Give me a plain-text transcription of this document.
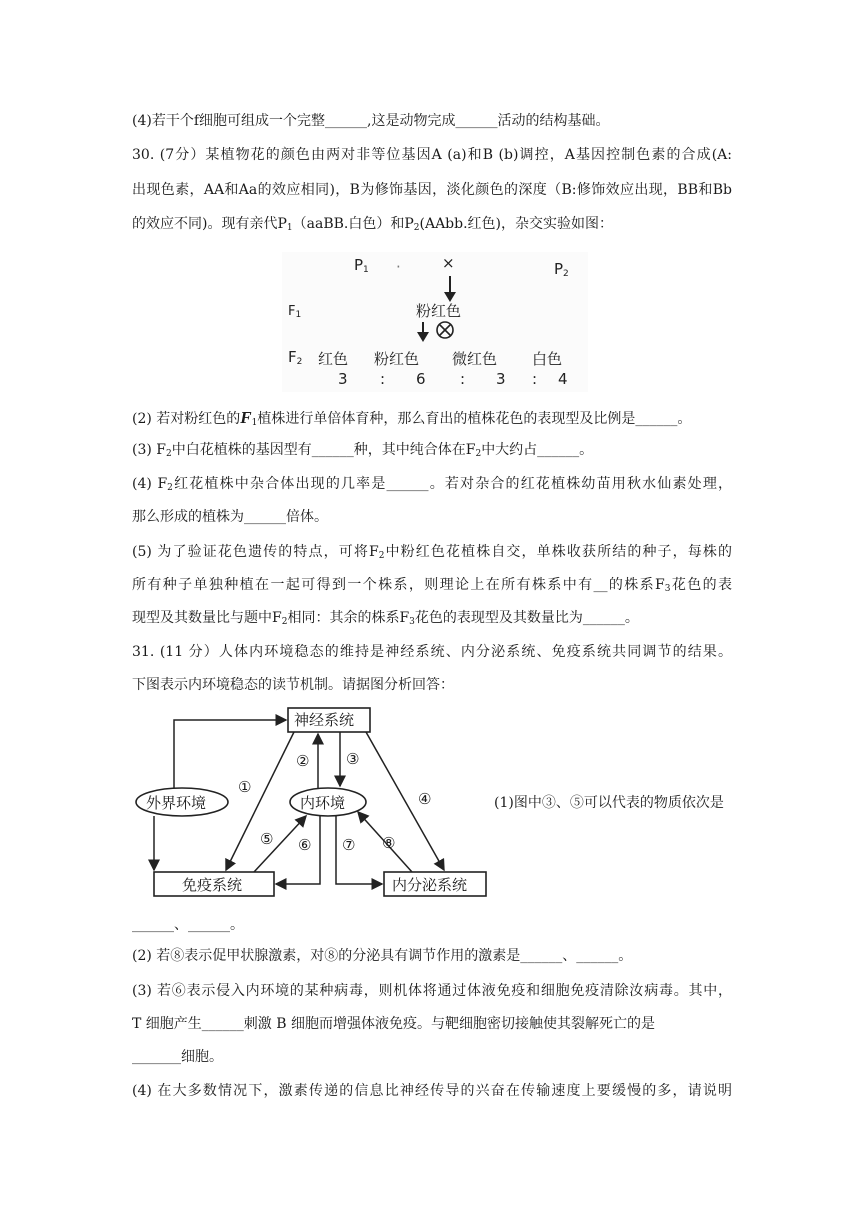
(4)若干个f细胞可组成一个完整______,这是动物完成______活动的结构基础。
30. (7分）某植物花的颜色由两对非等位基因A (a)和B (b)调控，A基因控制色素的合成(A:
出现色素，AA和Aa的效应相同)，B为修饰基因，淡化颜色的深度（B:修饰效应出现，BB和Bb
的效应不同)。现有亲代$P_1(aaBB$.白色）和$P_2(AAbb$.红色)，杂交实验如图：
$P_1$ ·	×	$P_2$
$F_1$	粉红色
$F_2$ 红色 粉红色 微红色 白色
3 : 6 : 3 : 4
(2) 若对粉红色的$F_1$植株进行单倍体育种，那么育出的植株花色的表现型及比例是______。
(3) $F_2$中白花植株的基因型有______种，其中纯合体在$F_2$中大约占______。
(4) $F_2$红花植株中杂合体出现的几率是______。若对杂合的红花植株幼苗用秋水仙素处理，
那么形成的植株为______倍体。
(5) 为了验证花色遗传的特点，可将$F_2$中粉红色花植株自交，单株收获所结的种子，每株的
所有种子单独种植在一起可得到一个株系，则理论上在所有株系中有__的株系$F_3$花色的表
现型及其数量比与题中$F_2$相同：其余的株系$F_3$花色的表现型及其数量比为______。
31. (11 分）人体内环境稳态的维持是神经系统、内分泌系统、免疫系统共同调节的结果。
下图表示内环境稳态的读节机制。请据图分析回答：
神经系统
外界环境	内环境
免疫系统	内分泌系统
①
② ③
④
⑤ ⑥ ⑦ ⑧
(1)图中③、⑤可以代表的物质依次是
______、______。
(2) 若⑧表示促甲状腺激素，对⑧的分泌具有调节作用的激素是______、______。
(3) 若⑥表示侵入内环境的某种病毒，则机体将通过体液免疫和细胞免疫清除汝病毒。其中，
T 细胞产生______刺激 B 细胞而增强体液免疫。与靶细胞密切接触使其裂解死亡的是
_______细胞。
(4) 在大多数情况下，激素传递的信息比神经传导的兴奋在传输速度上要缓慢的多，请说明
